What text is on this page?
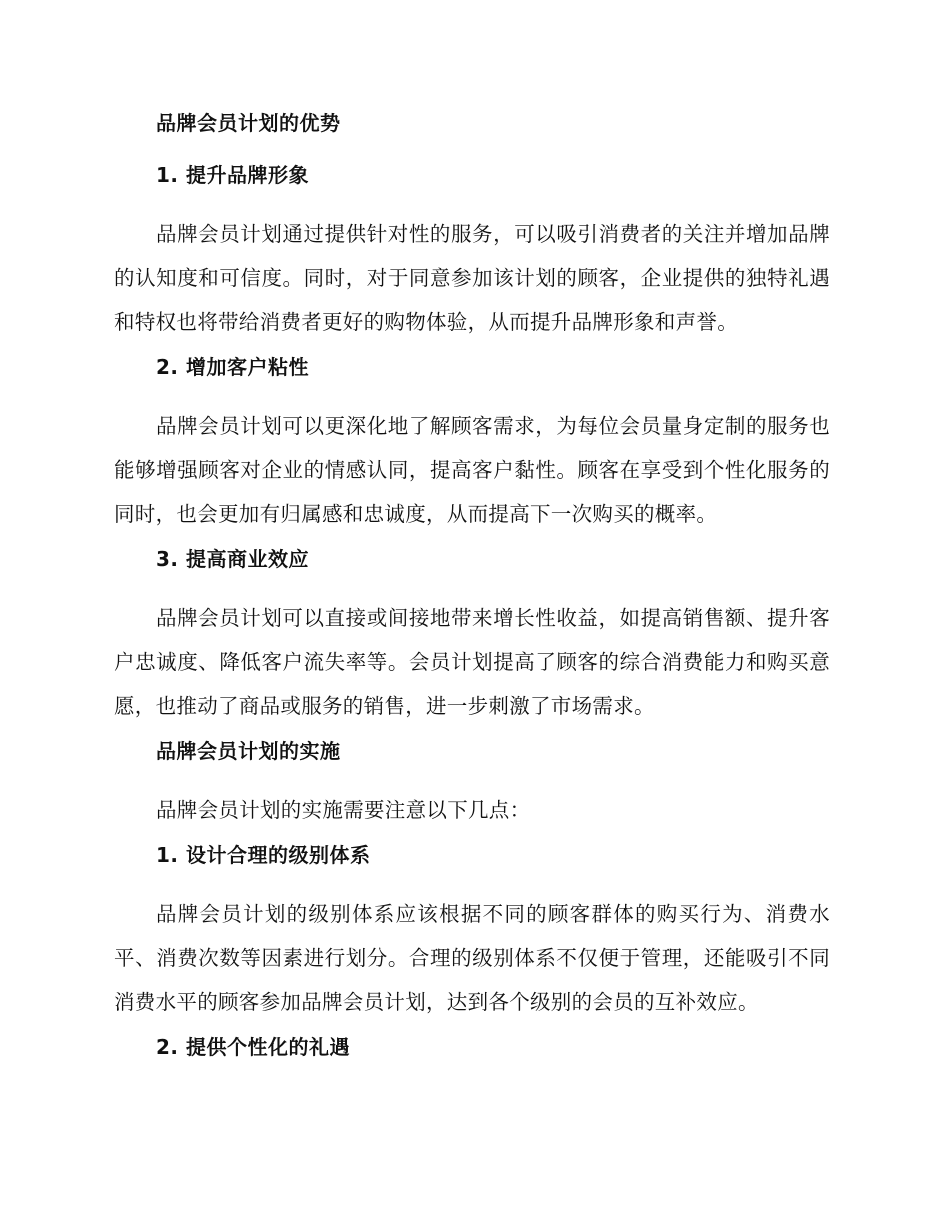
品牌会员计划的优势
1. 提升品牌形象

品牌会员计划通过提供针对性的服务，可以吸引消费者的关注并增加品牌的认知度和可信度。同时，对于同意参加该计划的顾客，企业提供的独特礼遇和特权也将带给消费者更好的购物体验，从而提升品牌形象和声誉。

2. 增加客户粘性

品牌会员计划可以更深化地了解顾客需求，为每位会员量身定制的服务也能够增强顾客对企业的情感认同，提高客户黏性。顾客在享受到个性化服务的同时，也会更加有归属感和忠诚度，从而提高下一次购买的概率。

3. 提高商业效应

品牌会员计划可以直接或间接地带来增长性收益，如提高销售额、提升客户忠诚度、降低客户流失率等。会员计划提高了顾客的综合消费能力和购买意愿，也推动了商品或服务的销售，进一步刺激了市场需求。

品牌会员计划的实施

品牌会员计划的实施需要注意以下几点：

1. 设计合理的级别体系

品牌会员计划的级别体系应该根据不同的顾客群体的购买行为、消费水平、消费次数等因素进行划分。合理的级别体系不仅便于管理，还能吸引不同消费水平的顾客参加品牌会员计划，达到各个级别的会员的互补效应。

2. 提供个性化的礼遇
